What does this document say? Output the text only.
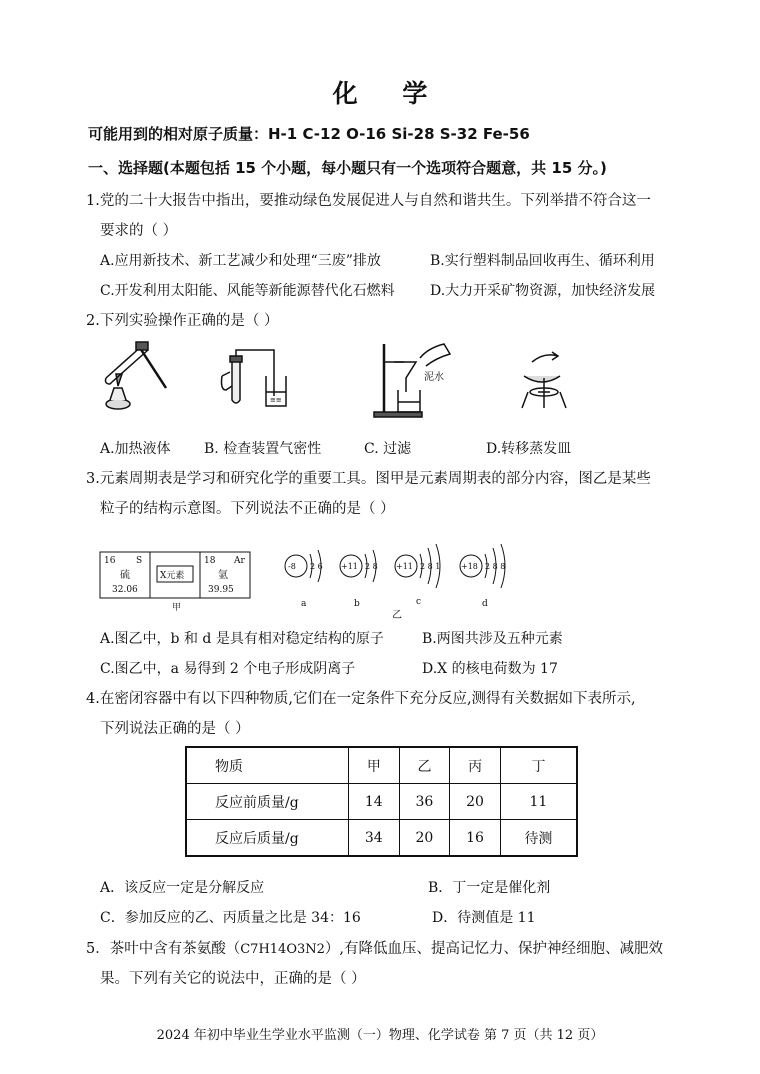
化 学
可能用到的相对原子质量：H-1 C-12 O-16 Si-28 S-32 Fe-56
一、选择题(本题包括 15 个小题，每小题只有一个选项符合题意，共 15 分。)
1.党的二十大报告中指出，要推动绿色发展促进人与自然和谐共生。下列举措不符合这一
要求的（ ）
A.应用新技术、新工艺减少和处理“三废”排放	B.实行塑料制品回收再生、循环利用
C.开发利用太阳能、风能等新能源替代化石燃料	D.大力开采矿物资源，加快经济发展
2.下列实验操作正确的是（ ）
≡≡
泥水
A.加热液体 B. 检查装置气密性	C. 过滤	D.转移蒸发皿
3.元素周期表是学习和研究化学的重要工具。图甲是元素周期表的部分内容，图乙是某些
粒子的结构示意图。下列说法不正确的是（ ）
16 S
硫
32.06
X元素
18 Ar
氩
39.95
甲
-8 2 6
a
+11 2 8
b
+11 2 8 1
c
+18 2 8 8
d
乙
A.图乙中，b 和 d 是具有相对稳定结构的原子	B.两图共涉及五种元素
C.图乙中，a 易得到 2 个电子形成阴离子	D.X 的核电荷数为 17
4.在密闭容器中有以下四种物质,它们在一定条件下充分反应,测得有关数据如下表所示,
下列说法正确的是（ ）
物质	甲	乙	丙	丁
反应前质量/g	14	36	20	11
反应后质量/g	34	20	16	待测
A．该反应一定是分解反应	B．丁一定是催化剂
C．参加反应的乙、丙质量之比是 34：16	D．待测值是 11
5．茶叶中含有茶氨酸（C7H14O3N2）,有降低血压、提高记忆力、保护神经细胞、减肥效
果。下列有关它的说法中，正确的是（ ）
2024 年初中毕业生学业水平监测（一）物理、化学试卷 第 7 页（共 12 页）
